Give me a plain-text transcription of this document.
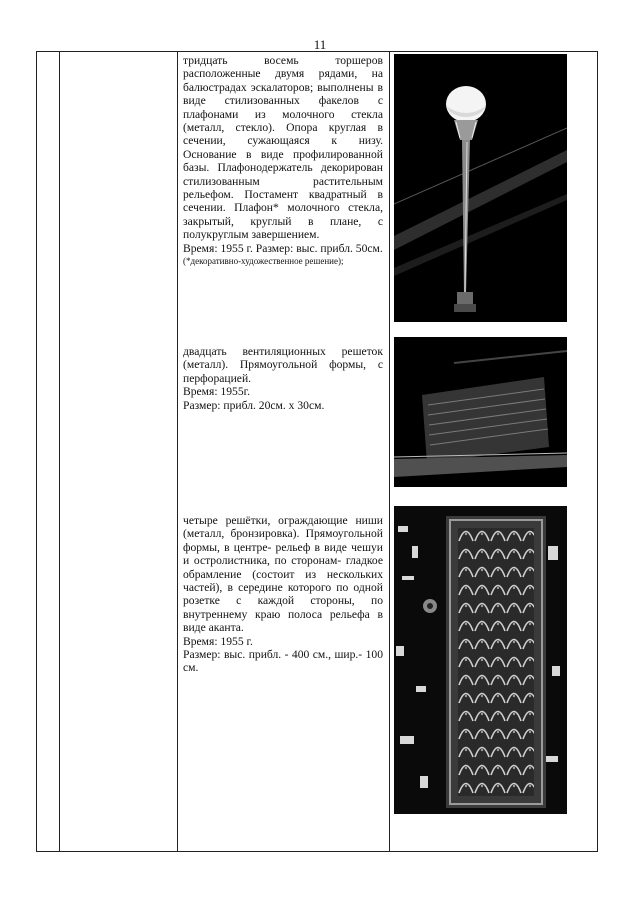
11
тридцать восемь торшеров расположенные двумя рядами, на балюстрадах эскалаторов; выполнены в виде стилизованных факелов с плафонами из молочного стекла (металл, стекло). Опора круглая в сечении, сужающаяся к низу. Основание в виде профилированной базы. Плафонодержатель декорирован стилизованным растительным рельефом. Постамент квадратный в сечении. Плафон* молочного стекла, закрытый, круглый в плане, с полукруглым завершением.
Время: 1955 г. Размер: выс. прибл. 50см.
(*декоративно-художественное решение);
двадцать вентиляционных решеток (металл). Прямоугольной формы, с перфорацией.
Время: 1955г.
Размер: прибл. 20см. х 30см.
четыре решётки, ограждающие ниши (металл, бронзировка). Прямоугольной формы, в центре- рельеф в виде чешуи и остролистника, по сторонам- гладкое обрамление (состоит из нескольких частей), в середине которого по одной розетке с каждой стороны, по внутреннему краю полоса рельефа в виде аканта.
Время: 1955 г.
Размер: выс. прибл. - 400 см., шир.- 100 см.
